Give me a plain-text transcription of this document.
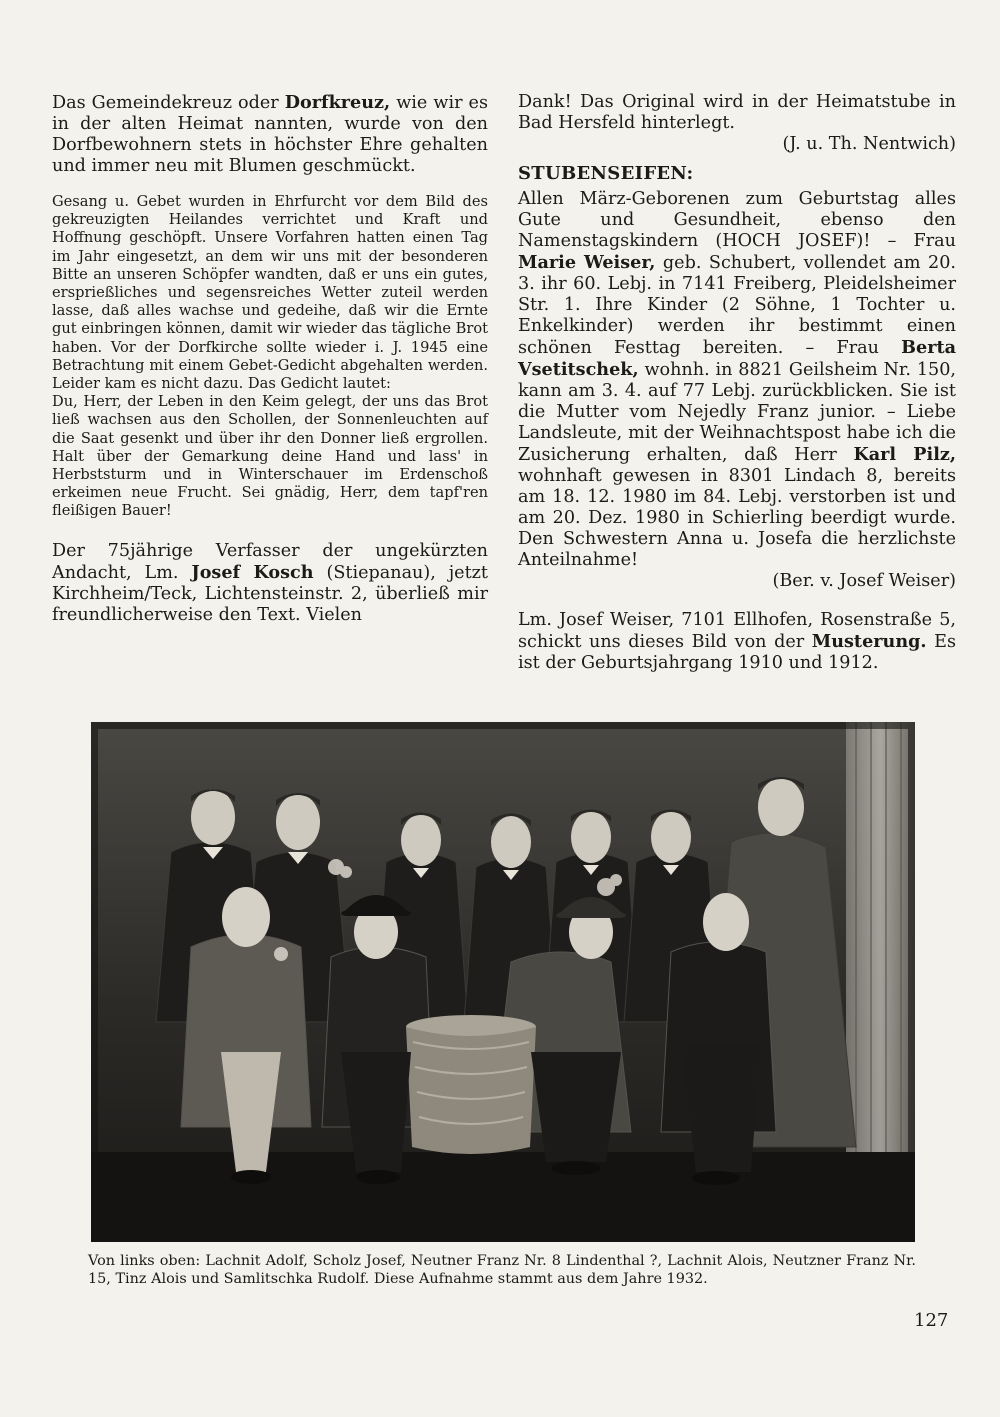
Das Gemeindekreuz oder Dorfkreuz, wie wir es in der alten Heimat nannten, wurde von den Dorfbewohnern stets in höchster Ehre gehalten und immer neu mit Blumen geschmückt.

Gesang u. Gebet wurden in Ehrfurcht vor dem Bild des gekreuzigten Heilandes verrichtet und Kraft und Hoffnung geschöpft. Unsere Vorfahren hatten einen Tag im Jahr eingesetzt, an dem wir uns mit der besonderen Bitte an unseren Schöpfer wandten, daß er uns ein gutes, ersprießliches und segensreiches Wetter zuteil werden lasse, daß alles wachse und gedeihe, daß wir die Ernte gut einbringen können, damit wir wieder das tägliche Brot haben. Vor der Dorfkirche sollte wieder i. J. 1945 eine Betrachtung mit einem Gebet-Gedicht abgehalten werden. Leider kam es nicht dazu. Das Gedicht lautet:

Du, Herr, der Leben in den Keim gelegt, der uns das Brot ließ wachsen aus den Schollen, der Sonnenleuchten auf die Saat gesenkt und über ihr den Donner ließ ergrollen. Halt über der Gemarkung deine Hand und lass' in Herbststurm und in Winterschauer im Erdenschoß erkeimen neue Frucht. Sei gnädig, Herr, dem tapf'ren fleißigen Bauer!

Der 75jährige Verfasser der ungekürzten Andacht, Lm. Josef Kosch (Stiepanau), jetzt Kirchheim/Teck, Lichtensteinstr. 2, überließ mir freundlicherweise den Text. Vielen

Dank! Das Original wird in der Heimatstube in Bad Hersfeld hinterlegt.

(J. u. Th. Nentwich)

STUBENSEIFEN:

Allen März-Geborenen zum Geburtstag alles Gute und Gesundheit, ebenso den Namenstagskindern (HOCH JOSEF)! – Frau Marie Weiser, geb. Schubert, vollendet am 20. 3. ihr 60. Lebj. in 7141 Freiberg, Pleidelsheimer Str. 1. Ihre Kinder (2 Söhne, 1 Tochter u. Enkelkinder) werden ihr bestimmt einen schönen Festtag bereiten. – Frau Berta Vsetitschek, wohnh. in 8821 Geilsheim Nr. 150, kann am 3. 4. auf 77 Lebj. zurückblicken. Sie ist die Mutter vom Nejedly Franz junior. – Liebe Landsleute, mit der Weihnachtspost habe ich die Zusicherung erhalten, daß Herr Karl Pilz, wohnhaft gewesen in 8301 Lindach 8, bereits am 18. 12. 1980 im 84. Lebj. verstorben ist und am 20. Dez. 1980 in Schierling beerdigt wurde. Den Schwestern Anna u. Josefa die herzlichste Anteilnahme!

(Ber. v. Josef Weiser)

Lm. Josef Weiser, 7101 Ellhofen, Rosenstraße 5, schickt uns dieses Bild von der Musterung. Es ist der Geburtsjahrgang 1910 und 1912.

Von links oben: Lachnit Adolf, Scholz Josef, Neutner Franz Nr. 8 Lindenthal ?, Lachnit Alois, Neutzner Franz Nr. 15, Tinz Alois und Samlitschka Rudolf. Diese Aufnahme stammt aus dem Jahre 1932.
127
